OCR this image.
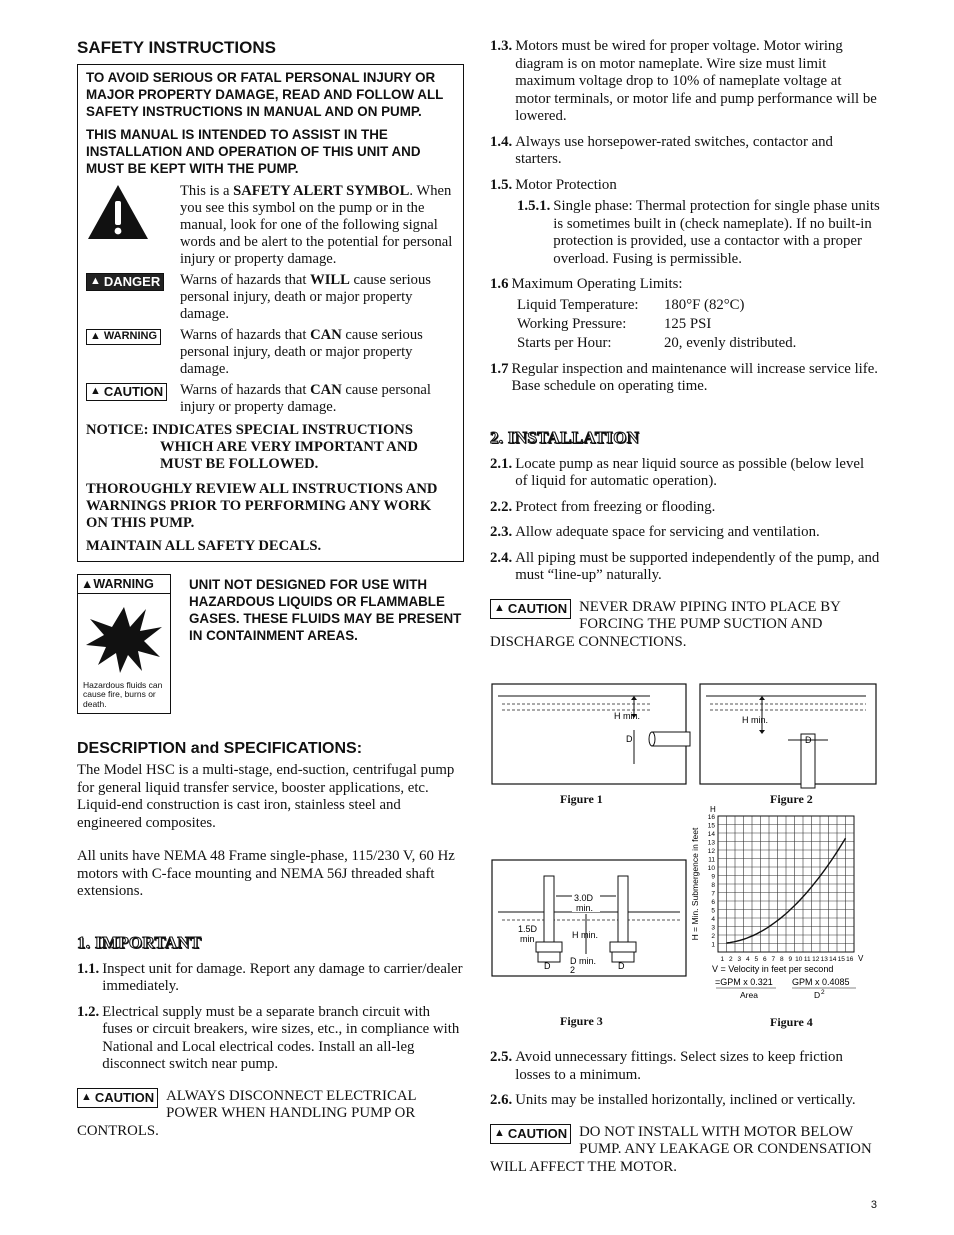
SAFETY INSTRUCTIONS

TO AVOID SERIOUS OR FATAL PERSONAL INJURY OR MAJOR PROPERTY DAMAGE, READ AND FOLLOW ALL SAFETY INSTRUCTIONS IN MANUAL AND ON PUMP.

THIS MANUAL IS INTENDED TO ASSIST IN THE INSTALLATION AND OPERATION OF THIS UNIT AND MUST BE KEPT WITH THE PUMP.

This is a SAFETY ALERT SYMBOL. When you see this symbol on the pump or in the manual, look for one of the following signal words and be alert to the potential for personal injury or property damage.
▲ DANGER Warns of hazards that WILL cause serious personal injury, death or major property damage.
▲ WARNING Warns of hazards that CAN cause serious personal injury, death or major property damage.
▲ CAUTION Warns of hazards that CAN cause personal injury or property damage.
NOTICE: INDICATES SPECIAL INSTRUCTIONS
WHICH ARE VERY IMPORTANT AND
MUST BE FOLLOWED.

THOROUGHLY REVIEW ALL INSTRUCTIONS AND WARNINGS PRIOR TO PERFORMING ANY WORK ON THIS PUMP.

MAINTAIN ALL SAFETY DECALS.

▲WARNING
Hazardous fluids can cause fire, burns or death.
UNIT NOT DESIGNED FOR USE WITH HAZARDOUS LIQUIDS OR FLAMMABLE GASES. THESE FLUIDS MAY BE PRESENT IN CONTAINMENT AREAS.
DESCRIPTION and SPECIFICATIONS:

The Model HSC is a multi-stage, end-suction, centrifugal pump for general liquid transfer service, booster applications, etc. Liquid-end construction is cast iron, stainless steel and engineered composites.

All units have NEMA 48 Frame single-phase, 115/230 V, 60 Hz motors with C-face mounting and NEMA 56J threaded shaft extensions.

1. IMPORTANT
1.1. Inspect unit for damage. Report any damage to carrier/dealer immediately.
1.2. Electrical supply must be a separate branch circuit with fuses or circuit breakers, wire sizes, etc., in compliance with National and Local electrical codes. Install an all-leg disconnect switch near pump.
▲ CAUTION ALWAYS DISCONNECT ELECTRICAL POWER WHEN HANDLING PUMP OR CONTROLS.
1.3. Motors must be wired for proper voltage. Motor wiring diagram is on motor nameplate. Wire size must limit maximum voltage drop to 10% of nameplate voltage at motor terminals, or motor life and pump performance will be lowered.
1.4. Always use horsepower-rated switches, contactor and starters.
1.5. Motor Protection
1.5.1. Single phase: Thermal protection for single phase units is sometimes built in (check nameplate). If no built-in protection is provided, use a contactor with a proper overload. Fusing is permissible.
1.6 Maximum Operating Limits:
Liquid Temperature: 180°F (82°C)
Working Pressure:	125 PSI
Starts per Hour:	20, evenly distributed.
1.7 Regular inspection and maintenance will increase service life. Base schedule on operating time.
2. INSTALLATION
2.1. Locate pump as near liquid source as possible (below level of liquid for automatic operation).
2.2. Protect from freezing or flooding.
2.3. Allow adequate space for servicing and ventilation.
2.4. All piping must be supported independently of the pump, and must “line-up” naturally.
▲ CAUTION NEVER DRAW PIPING INTO PLACE BY FORCING THE PUMP SUCTION AND DISCHARGE CONNECTIONS.
H min.
D
H min.
D
3.0D
min.
1.5D
min	H min.
D min.
2
D	D
1
2
3
4
5
6
7
8
9
10
11
12
13
14
15
16
1 2 3 4 5 6 7 8 9 10 11 12 13 14 15 16
H
V
H = Min. Submergence in feet
V = Velocity in feet per second
=GPM x 0.321
Area
GPM x 0.4085
D 2
Figure 1	Figure 2
Figure 3	Figure 4
2.5. Avoid unnecessary fittings. Select sizes to keep friction losses to a minimum.
2.6. Units may be installed horizontally, inclined or vertically.
▲ CAUTION DO NOT INSTALL WITH MOTOR BELOW PUMP. ANY LEAKAGE OR CONDENSATION WILL AFFECT THE MOTOR.
3
